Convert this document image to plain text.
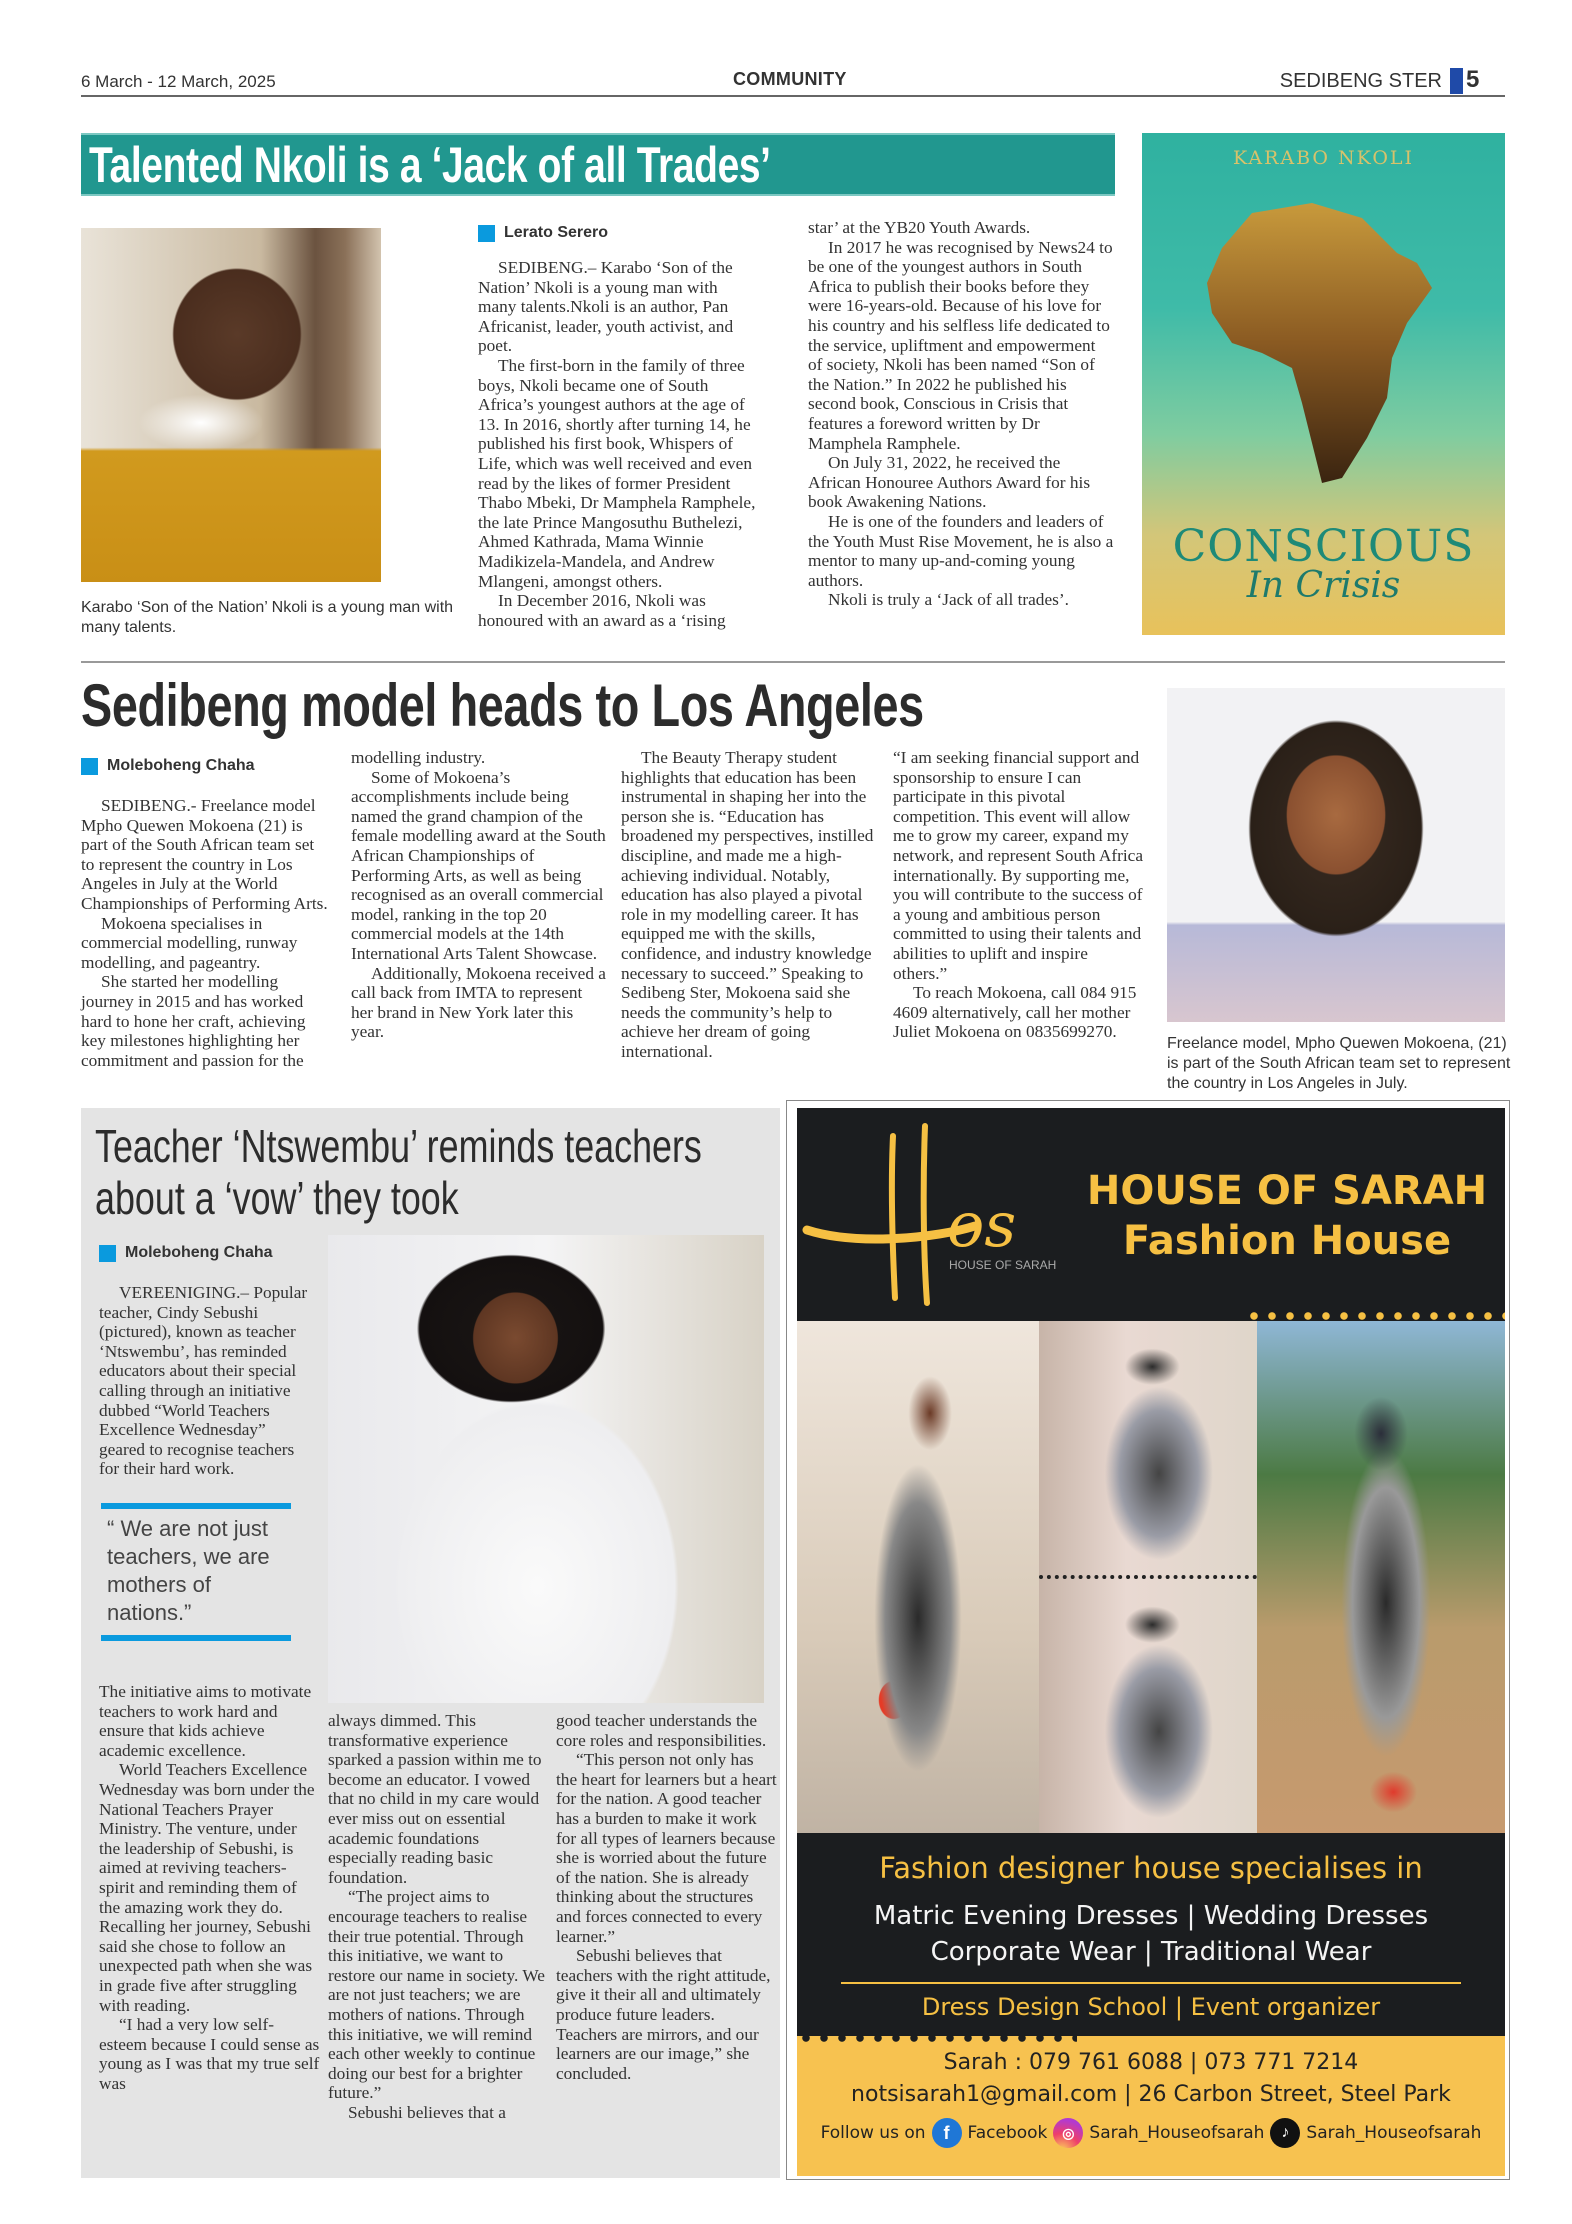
6 March - 12 March, 2025	COMMUNITY	SEDIBENG STER 5
Talented Nkoli is a ‘Jack of all Trades’
Karabo ‘Son of the Nation’ Nkoli is a young man with many talents.
Lerato Serero

SEDIBENG.– Karabo ‘Son of the Nation’ Nkoli is a young man with many talents.Nkoli is an author, Pan Africanist, leader, youth activist, and poet.

The first-born in the family of three boys, Nkoli became one of South Africa’s youngest authors at the age of 13. In 2016, shortly after turning 14, he published his first book, Whispers of Life, which was well received and even read by the likes of former President Thabo Mbeki, Dr Mamphela Ramphele, the late Prince Mangosuthu Buthelezi, Ahmed Kathrada, Mama Winnie Madikizela-Mandela, and Andrew Mlangeni, amongst others.

In December 2016, Nkoli was honoured with an award as a ‘rising

star’ at the YB20 Youth Awards.

In 2017 he was recognised by News24 to be one of the youngest authors in South Africa to publish their books before they were 16-years-old. Because of his love for his country and his selfless life dedicated to the service, upliftment and empowerment of society, Nkoli has been named “Son of the Nation.” In 2022 he published his second book, Conscious in Crisis that features a foreword written by Dr Mamphela Ramphele.

On July 31, 2022, he received the African Honouree Authors Award for his book Awakening Nations.

He is one of the founders and leaders of the Youth Must Rise Movement, he is also a mentor to many up-and-coming young authors.

Nkoli is truly a ‘Jack of all trades’.

KARABO NKOLI
CONSCIOUS
In Crisis
Sedibeng model heads to Los Angeles
Moleboheng Chaha

SEDIBENG.- Freelance model Mpho Quewen Mokoena (21) is part of the South African team set to represent the country in Los Angeles in July at the World Championships of Performing Arts.

Mokoena specialises in commercial modelling, runway modelling, and pageantry.

She started her modelling journey in 2015 and has worked hard to hone her craft, achieving key milestones highlighting her commitment and passion for the

modelling industry.

Some of Mokoena’s accomplishments include being named the grand champion of the female modelling award at the South African Championships of Performing Arts, as well as being recognised as an overall commercial model, ranking in the top 20 commercial models at the 14th International Arts Talent Showcase.

Additionally, Mokoena received a call back from IMTA to represent her brand in New York later this year.

The Beauty Therapy student highlights that education has been instrumental in shaping her into the person she is. “Education has broadened my perspectives, instilled discipline, and made me a high-achieving individual. Notably, education has also played a pivotal role in my modelling career. It has equipped me with the skills, confidence, and industry knowledge necessary to succeed.” Speaking to Sedibeng Ster, Mokoena said she needs the community’s help to achieve her dream of going international.

“I am seeking financial support and sponsorship to ensure I can participate in this pivotal competition. This event will allow me to grow my career, expand my network, and represent South Africa internationally. By supporting me, you will contribute to the success of a young and ambitious person committed to using their talents and abilities to uplift and inspire others.”

To reach Mokoena, call 084 915 4609 alternatively, call her mother Juliet Mokoena on 0835699270.

Freelance model, Mpho Quewen Mokoena, (21) is part of the South African team set to represent the country in Los Angeles in July.
Teacher ‘Ntswembu’ reminds teachers
about a ‘vow’ they took
Moleboheng Chaha

VEREENIGING.– Popular teacher, Cindy Sebushi (pictured), known as teacher ‘Ntswembu’, has reminded educators about their special calling through an initiative dubbed “World Teachers Excellence Wednesday” geared to recognise teachers for their hard work.

“ We are not just teachers, we are mothers of nations.”

The initiative aims to motivate teachers to work hard and ensure that kids achieve academic excellence.

World Teachers Excellence Wednesday was born under the National Teachers Prayer Ministry. The venture, under the leadership of Sebushi, is aimed at reviving teachers-spirit and reminding them of the amazing work they do. Recalling her journey, Sebushi said she chose to follow an unexpected path when she was in grade five after struggling with reading.

“I had a very low self-esteem because I could sense as young as I was that my true self was

always dimmed. This transformative experience sparked a passion within me to become an educator. I vowed that no child in my care would ever miss out on essential academic foundations especially reading basic foundation.

“The project aims to encourage teachers to realise their true potential. Through this initiative, we want to restore our name in society. We are not just teachers; we are mothers of nations. Through this initiative, we will remind each other weekly to continue doing our best for a brighter future.”

Sebushi believes that a

good teacher understands the core roles and responsibilities.

“This person not only has the heart for learners but a heart for the nation. A good teacher has a burden to make it work for all types of learners because she is worried about the future of the nation. She is already thinking about the structures and forces connected to every learner.”

Sebushi believes that teachers with the right attitude, give it their all and ultimately produce future leaders. Teachers are mirrors, and our learners are our image,” she concluded.

os
HOUSE OF SARAH
HOUSE OF SARAH
Fashion House
Fashion designer house specialises in
Matric Evening Dresses | Wedding Dresses
Corporate Wear | Traditional Wear
Dress Design School | Event organizer
Sarah : 079 761 6088 | 073 771 7214
notsisarah1@gmail.com | 26 Carbon Street, Steel Park
Follow us on	f	Facebook	◎ Sarah_Houseofsarah	♪	Sarah_Houseofsarah
